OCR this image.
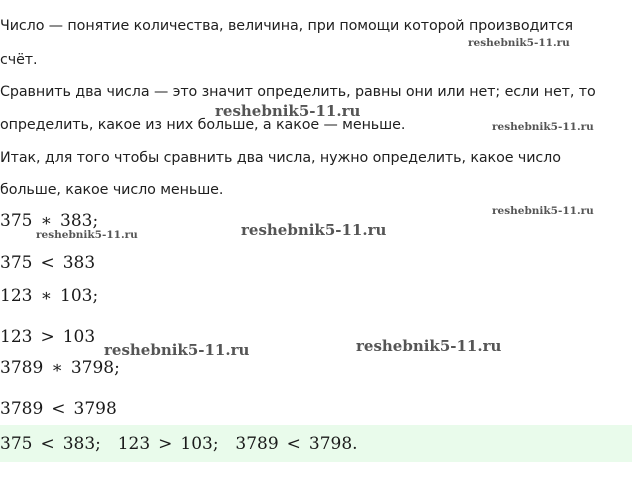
Число — понятие количества, величина, при помощи которой производится

счёт.

Сравнить два числа — это значит определить, равны они или нет; если нет, то

определить, какое из них больше, а какое — меньше.

Итак, для того чтобы сравнить два числа, нужно определить, какое число

больше, какое число меньше.

375 ∗ 383;
375 < 383
123 ∗ 103;
123 > 103
3789 ∗ 3798;
3789 < 3798
375 < 383; 123 > 103; 3789 < 3798.
reshebnik5-11.ru
reshebnik5-11.ru
reshebnik5-11.ru
reshebnik5-11.ru
reshebnik5-11.ru	reshebnik5-11.ru
reshebnik5-11.ru	reshebnik5-11.ru
